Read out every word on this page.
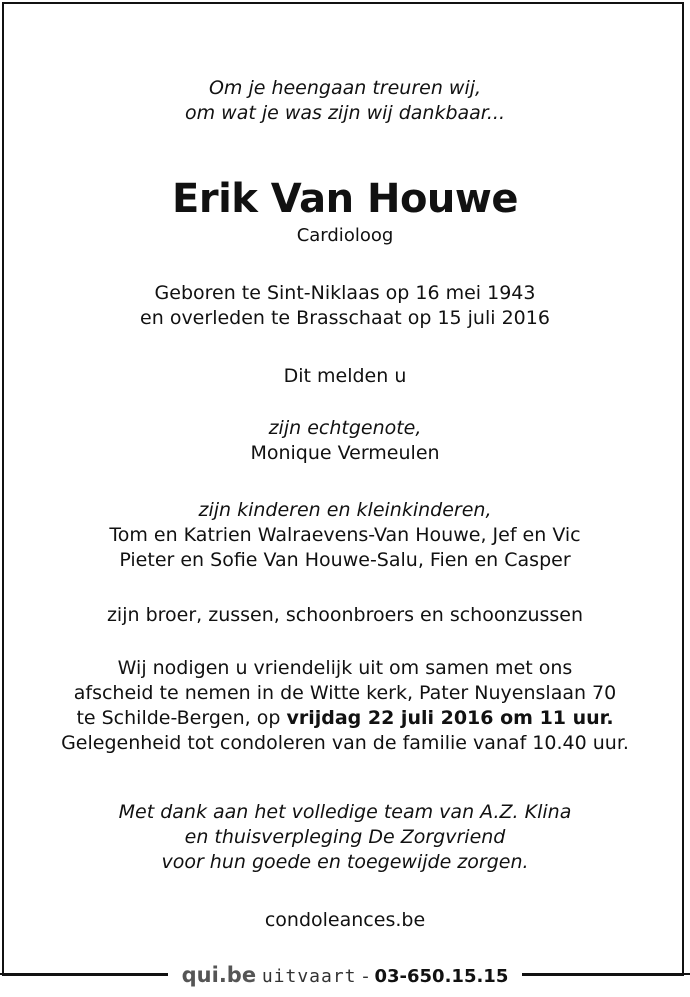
Om je heengaan treuren wij,
om wat je was zijn wij dankbaar...
Erik Van Houwe
Cardioloog
Geboren te Sint-Niklaas op 16 mei 1943
en overleden te Brasschaat op 15 juli 2016
Dit melden u
zijn echtgenote,
Monique Vermeulen
zijn kinderen en kleinkinderen,
Tom en Katrien Walraevens-Van Houwe, Jef en Vic
Pieter en Sofie Van Houwe-Salu, Fien en Casper
zijn broer, zussen, schoonbroers en schoonzussen
Wij nodigen u vriendelijk uit om samen met ons
afscheid te nemen in de Witte kerk, Pater Nuyenslaan 70
te Schilde-Bergen, op vrijdag 22 juli 2016 om 11 uur.
Gelegenheid tot condoleren van de familie vanaf 10.40 uur.
Met dank aan het volledige team van A.Z. Klina
en thuisverpleging De Zorgvriend
voor hun goede en toegewijde zorgen.
condoleances.be
qui.be uitvaart - 03-650.15.15
